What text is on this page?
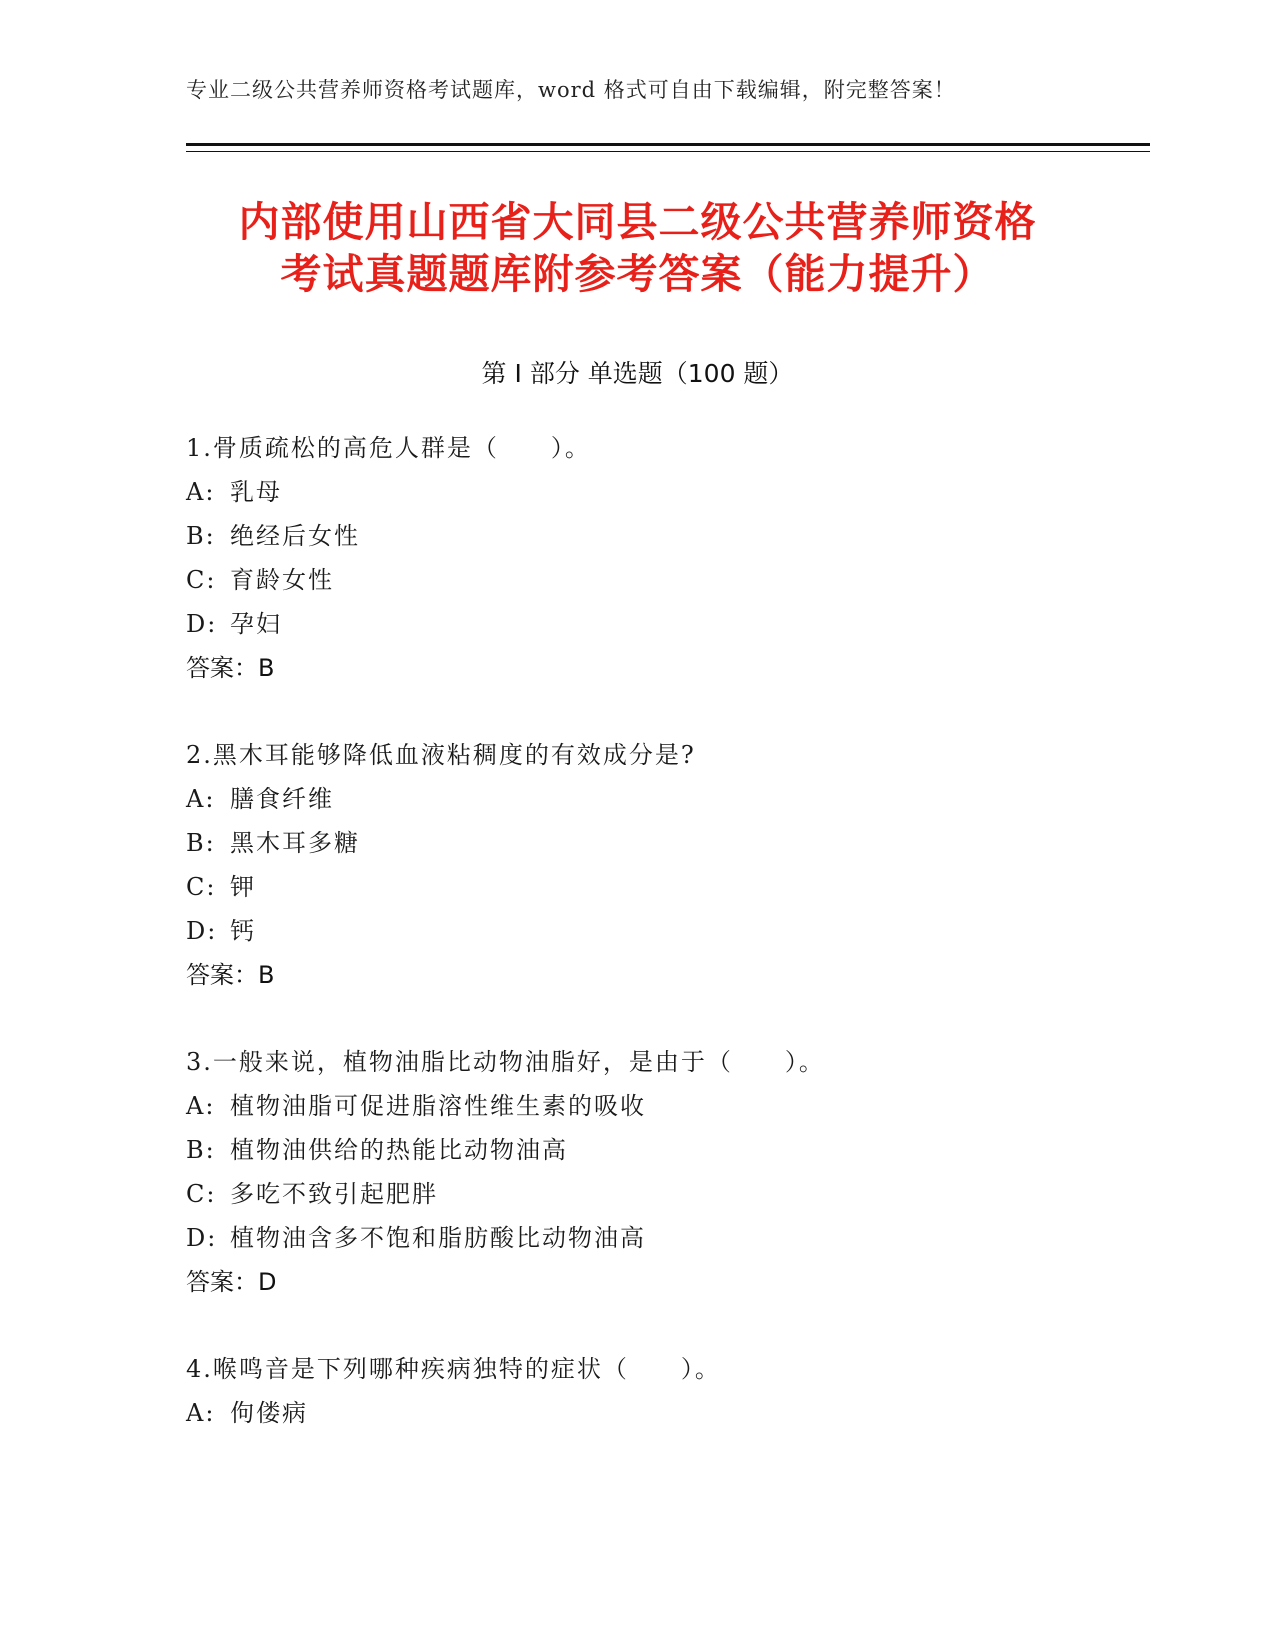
专业二级公共营养师资格考试题库，word 格式可自由下载编辑，附完整答案！
内部使用山西省大同县二级公共营养师资格
考试真题题库附参考答案（能力提升）
第 I 部分 单选题（100 题）
1.骨质疏松的高危人群是（　　）。
A: 乳母
B: 绝经后女性
C: 育龄女性
D: 孕妇
答案：B
2.黑木耳能够降低血液粘稠度的有效成分是?
A: 膳食纤维
B: 黑木耳多糖
C: 钾
D: 钙
答案：B
3.一般来说，植物油脂比动物油脂好，是由于（　　）。
A: 植物油脂可促进脂溶性维生素的吸收
B: 植物油供给的热能比动物油高
C: 多吃不致引起肥胖
D: 植物油含多不饱和脂肪酸比动物油高
答案：D
4.喉鸣音是下列哪种疾病独特的症状（　　）。
A: 佝偻病
